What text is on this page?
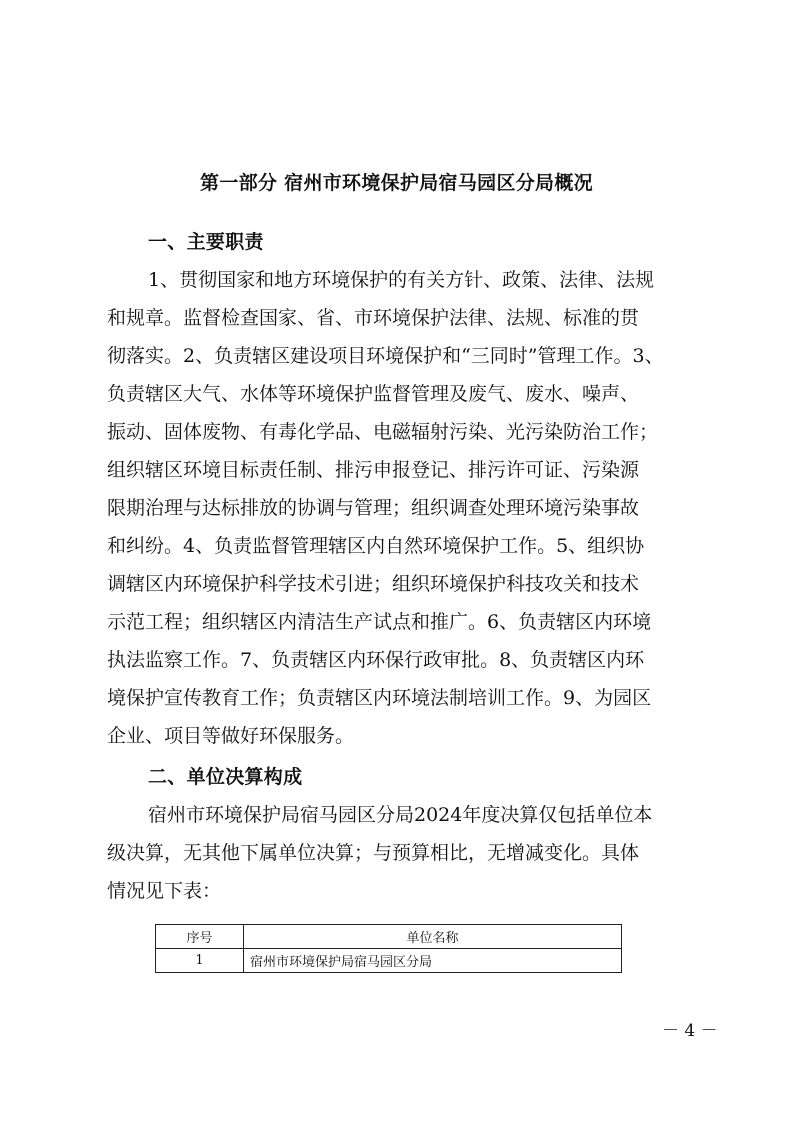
第一部分 宿州市环境保护局宿马园区分局概况
一、主要职责
1、贯彻国家和地方环境保护的有关方针、政策、法律、法规
和规章。监督检查国家、省、市环境保护法律、法规、标准的贯
彻落实。2、负责辖区建设项目环境保护和“三同时”管理工作。3、
负责辖区大气、水体等环境保护监督管理及废气、废水、噪声、
振动、固体废物、有毒化学品、电磁辐射污染、光污染防治工作；
组织辖区环境目标责任制、排污申报登记、排污许可证、污染源
限期治理与达标排放的协调与管理；组织调查处理环境污染事故
和纠纷。4、负责监督管理辖区内自然环境保护工作。5、组织协
调辖区内环境保护科学技术引进；组织环境保护科技攻关和技术
示范工程；组织辖区内清洁生产试点和推广。6、负责辖区内环境
执法监察工作。7、负责辖区内环保行政审批。8、负责辖区内环
境保护宣传教育工作；负责辖区内环境法制培训工作。9、为园区
企业、项目等做好环保服务。
二、单位决算构成
宿州市环境保护局宿马园区分局2024年度决算仅包括单位本
级决算，无其他下属单位决算；与预算相比，无增减变化。具体
情况见下表：
序号	单位名称
1	宿州市环境保护局宿马园区分局
－ 4 －
